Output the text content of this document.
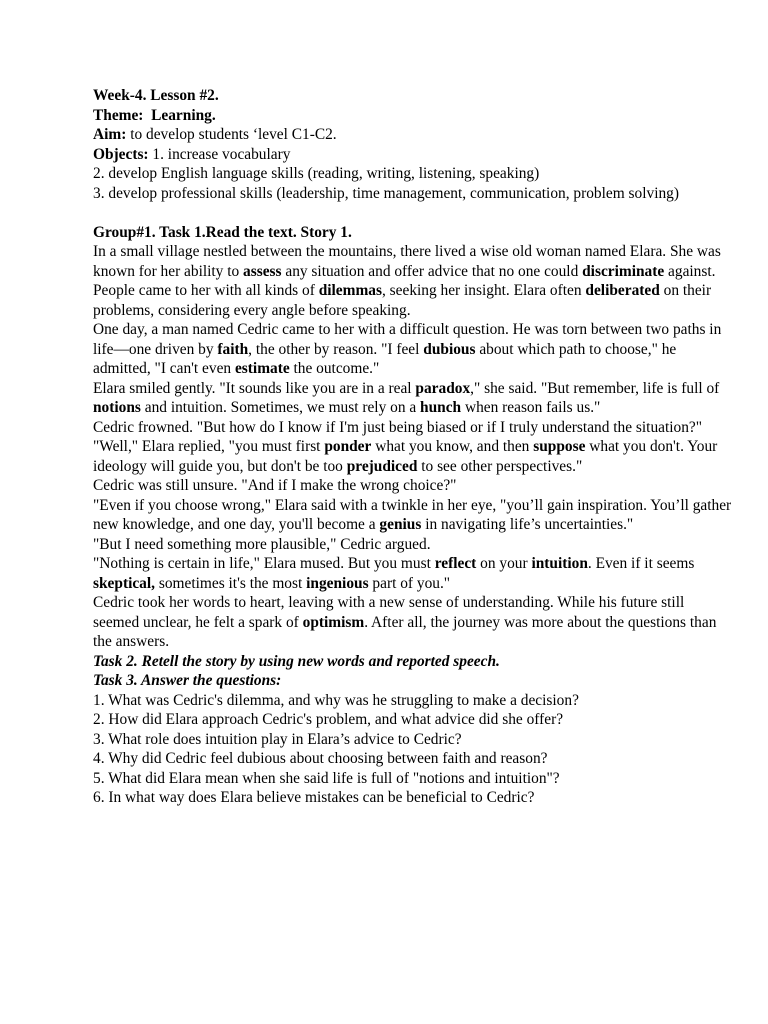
Week-4. Lesson #2.

Theme: Learning.

Aim: to develop students ‘level C1-C2.

Objects: 1. increase vocabulary

2. develop English language skills (reading, writing, listening, speaking)

3. develop professional skills (leadership, time management, communication, problem solving)

Group#1. Task 1.Read the text. Story 1.

In a small village nestled between the mountains, there lived a wise old woman named Elara. She was known for her ability to assess any situation and offer advice that no one could discriminate against. People came to her with all kinds of dilemmas, seeking her insight. Elara often deliberated on their problems, considering every angle before speaking.

One day, a man named Cedric came to her with a difficult question. He was torn between two paths in life—one driven by faith, the other by reason. "I feel dubious about which path to choose," he admitted, "I can't even estimate the outcome."

Elara smiled gently. "It sounds like you are in a real paradox," she said. "But remember, life is full of notions and intuition. Sometimes, we must rely on a hunch when reason fails us."

Cedric frowned. "But how do I know if I'm just being biased or if I truly understand the situation?"

"Well," Elara replied, "you must first ponder what you know, and then suppose what you don't. Your ideology will guide you, but don't be too prejudiced to see other perspectives."

Cedric was still unsure. "And if I make the wrong choice?"

"Even if you choose wrong," Elara said with a twinkle in her eye, "you’ll gain inspiration. You’ll gather new knowledge, and one day, you'll become a genius in navigating life’s uncertainties."

"But I need something more plausible," Cedric argued.

"Nothing is certain in life," Elara mused. But you must reflect on your intuition. Even if it seems skeptical, sometimes it's the most ingenious part of you."

Cedric took her words to heart, leaving with a new sense of understanding. While his future still seemed unclear, he felt a spark of optimism. After all, the journey was more about the questions than the answers.

Task 2. Retell the story by using new words and reported speech.

Task 3. Answer the questions:

1. What was Cedric's dilemma, and why was he struggling to make a decision?

2. How did Elara approach Cedric's problem, and what advice did she offer?

3. What role does intuition play in Elara’s advice to Cedric?

4. Why did Cedric feel dubious about choosing between faith and reason?

5. What did Elara mean when she said life is full of "notions and intuition"?

6. In what way does Elara believe mistakes can be beneficial to Cedric?
